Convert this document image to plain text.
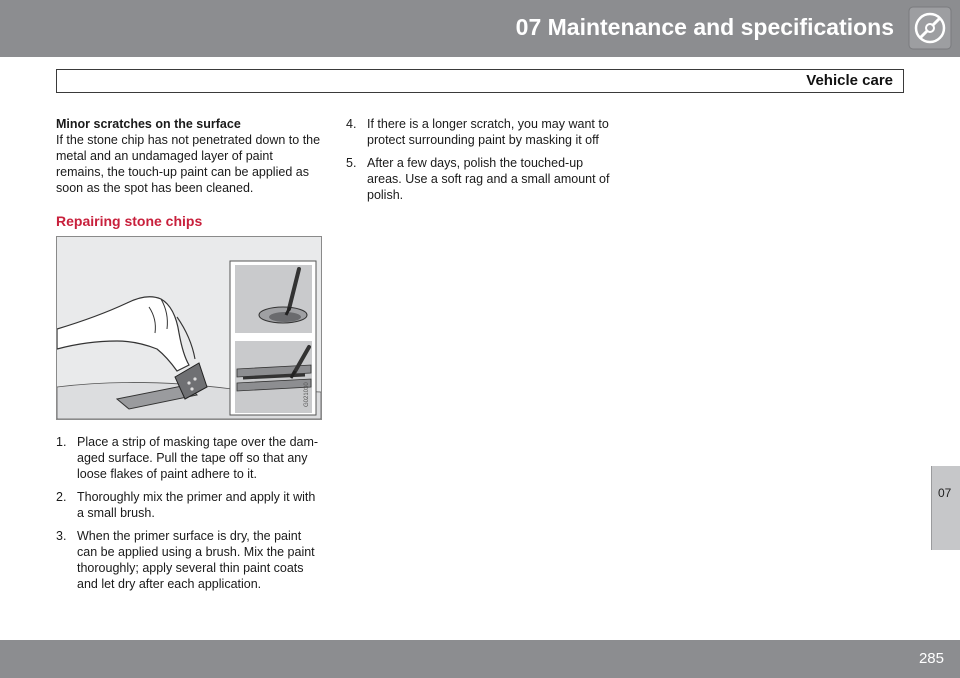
07 Maintenance and specifications
Vehicle care

Minor scratches on the surface

If the stone chip has not penetrated down to the metal and an undamaged layer of paint remains, the touch-up paint can be applied as soon as the spot has been cleaned.

Repairing stone chips

G021030
1. Place a strip of masking tape over the dam-aged surface. Pull the tape off so that any loose flakes of paint adhere to it.
2. Thoroughly mix the primer and apply it with a small brush.
3. When the primer surface is dry, the paint can be applied using a brush. Mix the paint thoroughly; apply several thin paint coats and let dry after each application.
4. If there is a longer scratch, you may want to protect surrounding paint by masking it off
5. After a few days, polish the touched-up areas. Use a soft rag and a small amount of polish.
07
285
